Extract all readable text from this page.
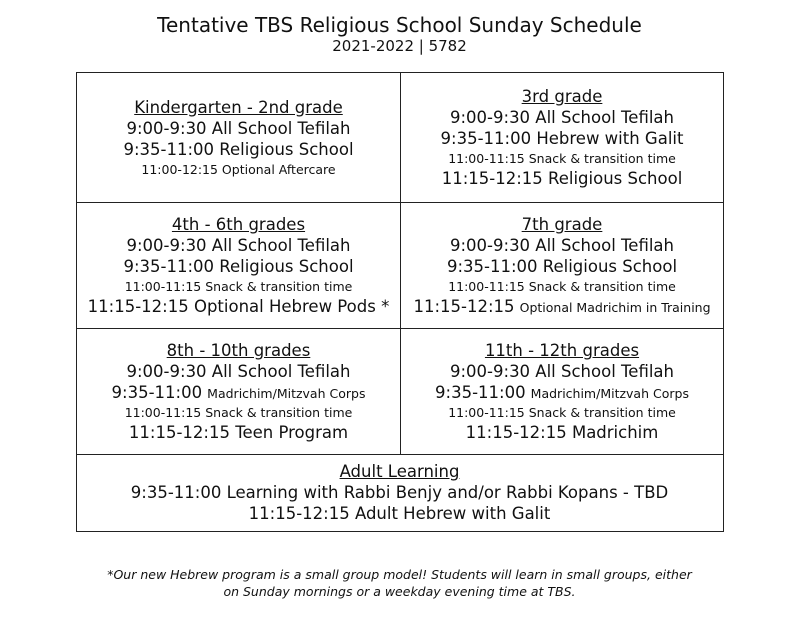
Tentative TBS Religious School Sunday Schedule
2021-2022 | 5782
Kindergarten - 2nd grade
9:00-9:30 All School Tefilah
9:35-11:00 Religious School
11:00-12:15 Optional Aftercare
3rd grade
9:00-9:30 All School Tefilah
9:35-11:00 Hebrew with Galit
11:00-11:15 Snack & transition time
11:15-12:15 Religious School
4th - 6th grades
9:00-9:30 All School Tefilah
9:35-11:00 Religious School
11:00-11:15 Snack & transition time
11:15-12:15 Optional Hebrew Pods *
7th grade
9:00-9:30 All School Tefilah
9:35-11:00 Religious School
11:00-11:15 Snack & transition time
11:15-12:15 Optional Madrichim in Training
8th - 10th grades
9:00-9:30 All School Tefilah
9:35-11:00 Madrichim/Mitzvah Corps
11:00-11:15 Snack & transition time
11:15-12:15 Teen Program
11th - 12th grades
9:00-9:30 All School Tefilah
9:35-11:00 Madrichim/Mitzvah Corps
11:00-11:15 Snack & transition time
11:15-12:15 Madrichim
Adult Learning
9:35-11:00 Learning with Rabbi Benjy and/or Rabbi Kopans - TBD
11:15-12:15 Adult Hebrew with Galit
*Our new Hebrew program is a small group model! Students will learn in small groups, either
on Sunday mornings or a weekday evening time at TBS.
